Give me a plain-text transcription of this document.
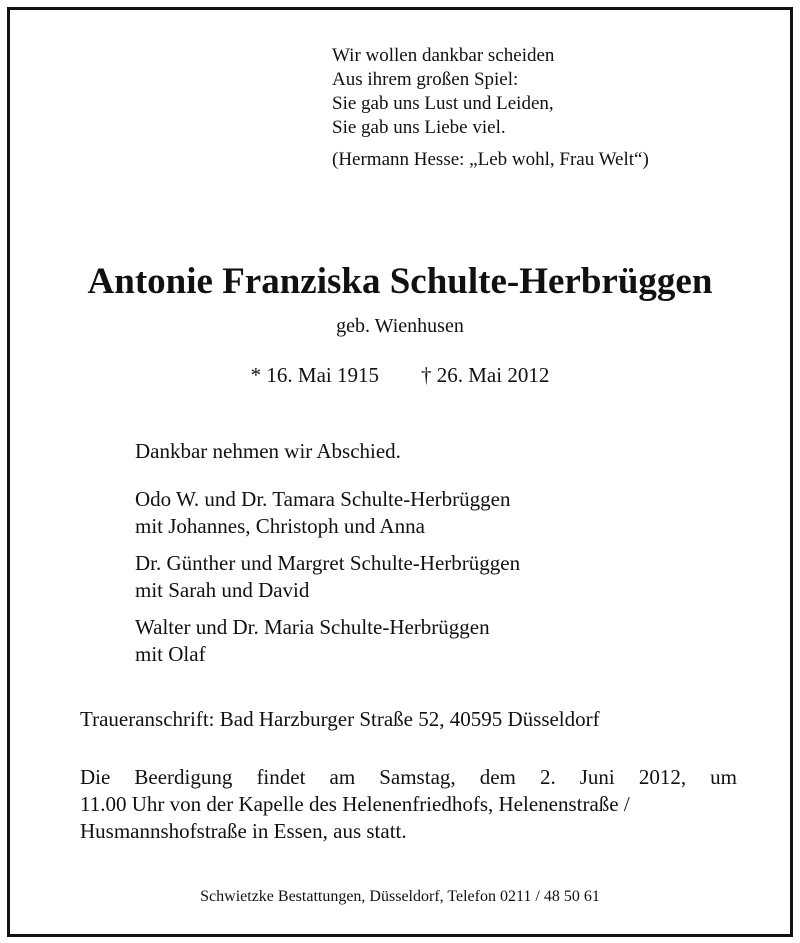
Wir wollen dankbar scheiden
Aus ihrem großen Spiel:
Sie gab uns Lust und Leiden,
Sie gab uns Liebe viel.
(Hermann Hesse: „Leb wohl, Frau Welt“)
Antonie Franziska Schulte-Herbrüggen
geb. Wienhusen
* 16. Mai 1915 † 26. Mai 2012
Dankbar nehmen wir Abschied.
Odo W. und Dr. Tamara Schulte-Herbrüggen
mit Johannes, Christoph und Anna
Dr. Günther und Margret Schulte-Herbrüggen
mit Sarah und David
Walter und Dr. Maria Schulte-Herbrüggen
mit Olaf
Traueranschrift: Bad Harzburger Straße 52, 40595 Düsseldorf
Die Beerdigung findet am Samstag, dem 2. Juni 2012, um
11.00 Uhr von der Kapelle des Helenenfriedhofs, Helenenstraße /
Husmannshofstraße in Essen, aus statt.
Schwietzke Bestattungen, Düsseldorf, Telefon 0211 / 48 50 61
